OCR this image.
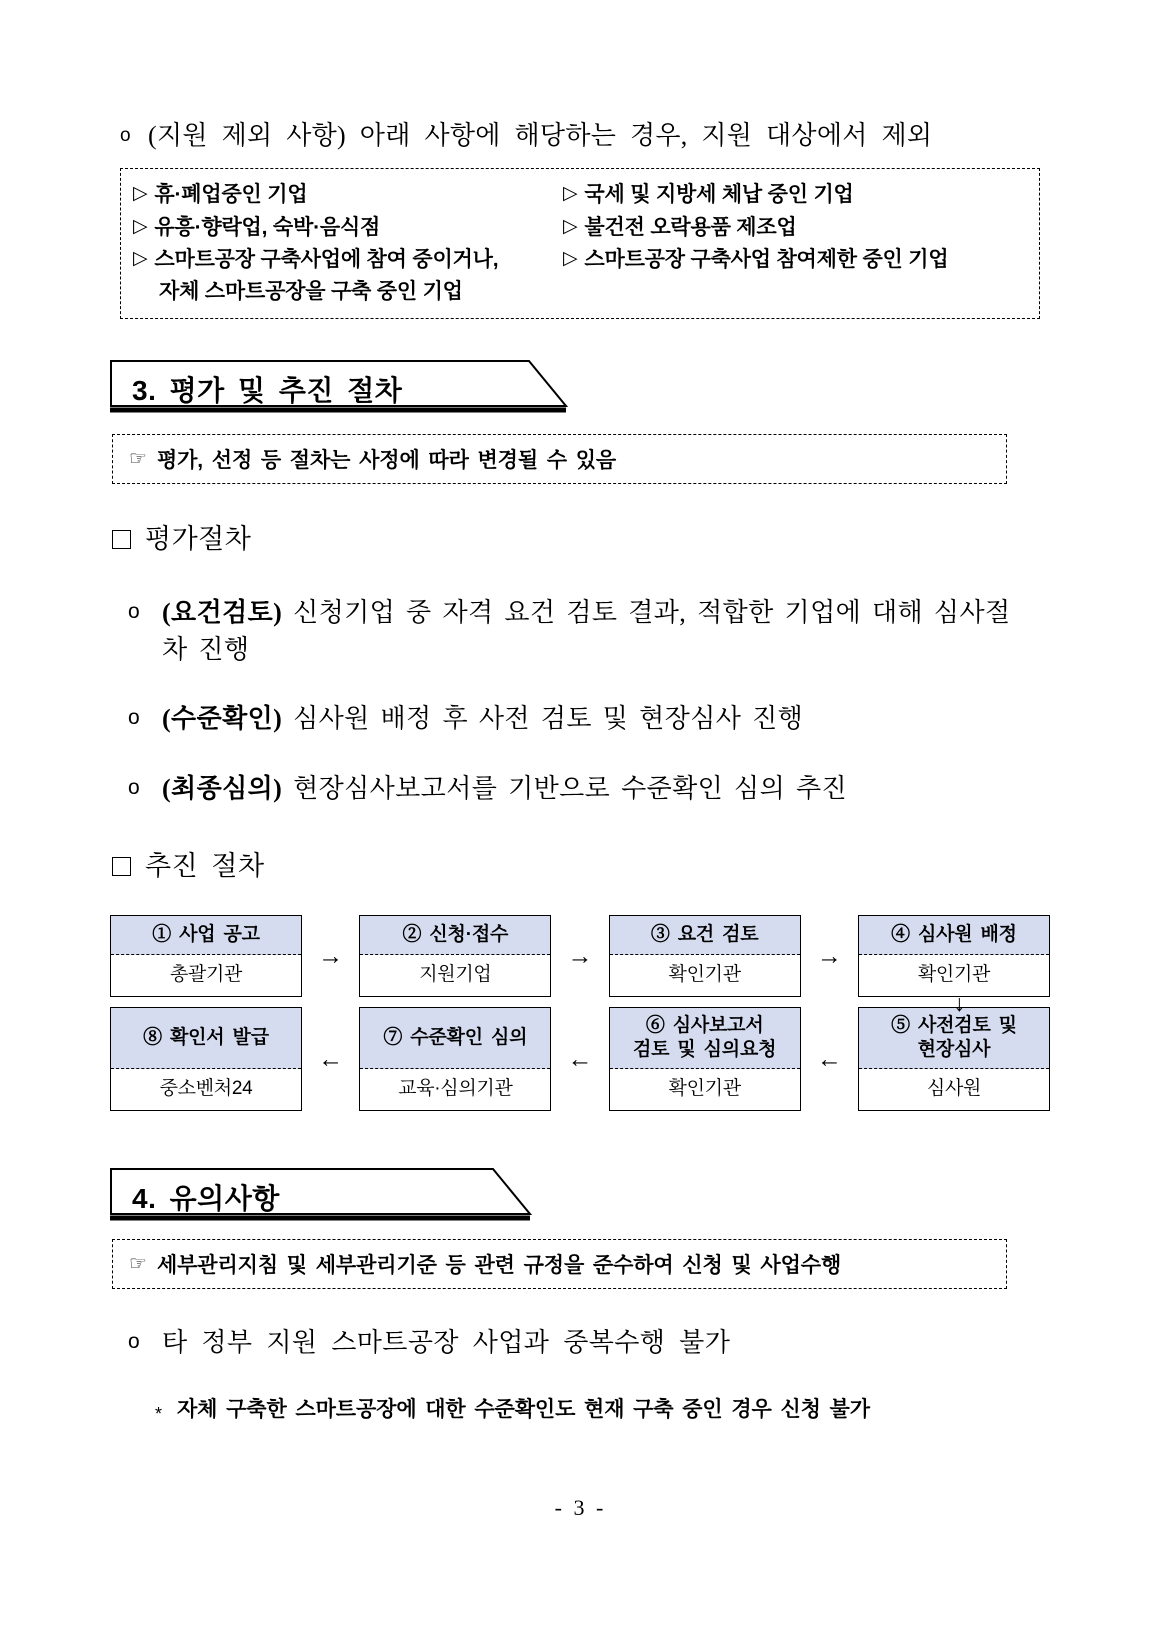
o (지원 제외 사항) 아래 사항에 해당하는 경우, 지원 대상에서 제외
▷ 휴·폐업중인 기업	▷ 국세 및 지방세 체납 중인 기업
▷ 유흥·향락업, 숙박·음식점	▷ 불건전 오락용품 제조업
▷ 스마트공장 구축사업에 참여 중이거나,	▷ 스마트공장 구축사업 참여제한 중인 기업
자체 스마트공장을 구축 중인 기업
3. 평가 및 추진 절차
☞ 평가, 선정 등 절차는 사정에 따라 변경될 수 있음
평가절차
o (요건검토) 신청기업 중 자격 요건 검토 결과, 적합한 기업에 대해 심사절차 진행
o (수준확인) 심사원 배정 후 사전 검토 및 현장심사 진행
o (최종심의) 현장심사보고서를 기반으로 수준확인 심의 추진
추진 절차
① 사업 공고
총괄기관
→
② 신청·접수
지원기업
→
③ 요건 검토
확인기관
→
④ 심사원 배정
확인기관
↓
⑧ 확인서 발급
중소벤처24
←
⑦ 수준확인 심의
교육·심의기관
←
⑥ 심사보고서
검토 및 심의요청
확인기관
←
⑤ 사전검토 및
현장심사
심사원
4. 유의사항
☞ 세부관리지침 및 세부관리기준 등 관련 규정을 준수하여 신청 및 사업수행
o 타 정부 지원 스마트공장 사업과 중복수행 불가
* 자체 구축한 스마트공장에 대한 수준확인도 현재 구축 중인 경우 신청 불가
- 3 -
